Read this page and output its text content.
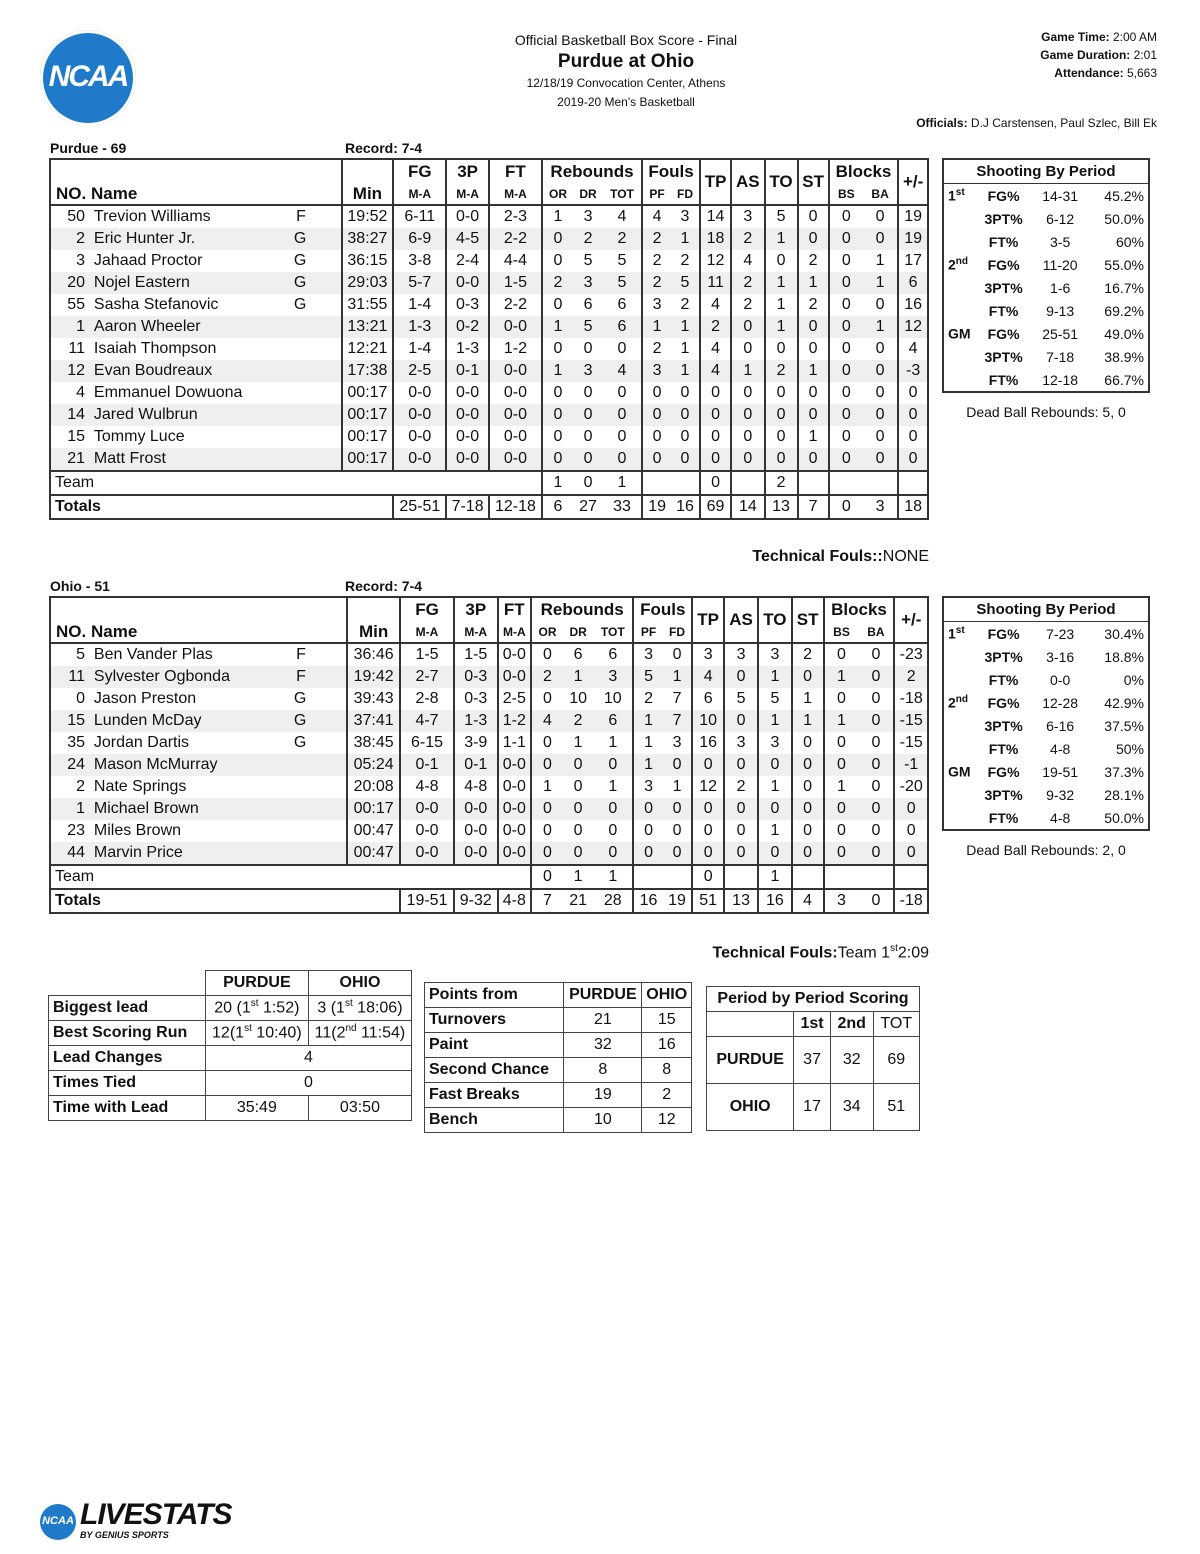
NCAA
Official Basketball Box Score - Final
Purdue at Ohio
12/18/19 Convocation Center, Athens
2019-20 Men's Basketball
Game Time: 2:00 AM
Game Duration: 2:01
Attendance: 5,663
Officials: D.J Carstensen, Paul Szlec, Bill Ek
Purdue - 69	Record: 7-4
	Min	FG	3P	FT	Rebounds			Fouls		TP	AS	TO	ST	Blocks		+/-
NO. Name		M-A	M-A	M-A	OR	DR	TOT	PF	FD					BS	BA	
50 Trevion Williams F	19:52	6-11	0-0	2-3	1	3	4	4	3	14	3	5	0	0	0	19
2 Eric Hunter Jr. G	38:27	6-9	4-5	2-2	0	2	2	2	1	18	2	1	0	0	0	19
3 Jahaad Proctor G	36:15	3-8	2-4	4-4	0	5	5	2	2	12	4	0	2	0	1	17
20 Nojel Eastern G	29:03	5-7	0-0	1-5	2	3	5	2	5	11	2	1	1	0	1	6
55 Sasha Stefanovic G	31:55	1-4	0-3	2-2	0	6	6	3	2	4	2	1	2	0	0	16
1 Aaron Wheeler	13:21	1-3	0-2	0-0	1	5	6	1	1	2	0	1	0	0	1	12
11 Isaiah Thompson	12:21	1-4	1-3	1-2	0	0	0	2	1	4	0	0	0	0	0	4
12 Evan Boudreaux	17:38	2-5	0-1	0-0	1	3	4	3	1	4	1	2	1	0	0	-3
4 Emmanuel Dowuona	00:17	0-0	0-0	0-0	0	0	0	0	0	0	0	0	0	0	0	0
14 Jared Wulbrun	00:17	0-0	0-0	0-0	0	0	0	0	0	0	0	0	0	0	0	0
15 Tommy Luce	00:17	0-0	0-0	0-0	0	0	0	0	0	0	0	0	1	0	0	0
21 Matt Frost	00:17	0-0	0-0	0-0	0	0	0	0	0	0	0	0	0	0	0	0
Team					1	0	1			0		2				
Totals		25-51	7-18	12-18	6	27	33	19	16	69	14	13	7	0	3	18
Technical Fouls::NONE
Shooting By Period			
1st	FG%	14-31	45.2%
	3PT%	6-12	50.0%
	FT%	3-5	60%
2nd	FG%	11-20	55.0%
	3PT%	1-6	16.7%
	FT%	9-13	69.2%
GM	FG%	25-51	49.0%
	3PT%	7-18	38.9%
	FT%	12-18	66.7%
Dead Ball Rebounds: 5, 0
Ohio - 51	Record: 7-4
	Min	FG	3P	FT	Rebounds			Fouls		TP	AS	TO	ST	Blocks		+/-
NO. Name		M-A	M-A	M-A	OR	DR	TOT	PF	FD					BS	BA	
5 Ben Vander Plas F	36:46	1-5	1-5	0-0	0	6	6	3	0	3	3	3	2	0	0	-23
11 Sylvester Ogbonda F	19:42	2-7	0-3	0-0	2	1	3	5	1	4	0	1	0	1	0	2
0 Jason Preston G	39:43	2-8	0-3	2-5	0	10	10	2	7	6	5	5	1	0	0	-18
15 Lunden McDay G	37:41	4-7	1-3	1-2	4	2	6	1	7	10	0	1	1	1	0	-15
35 Jordan Dartis G	38:45	6-15	3-9	1-1	0	1	1	1	3	16	3	3	0	0	0	-15
24 Mason McMurray	05:24	0-1	0-1	0-0	0	0	0	1	0	0	0	0	0	0	0	-1
2 Nate Springs	20:08	4-8	4-8	0-0	1	0	1	3	1	12	2	1	0	1	0	-20
1 Michael Brown	00:17	0-0	0-0	0-0	0	0	0	0	0	0	0	0	0	0	0	0
23 Miles Brown	00:47	0-0	0-0	0-0	0	0	0	0	0	0	0	1	0	0	0	0
44 Marvin Price	00:47	0-0	0-0	0-0	0	0	0	0	0	0	0	0	0	0	0	0
Team					0	1	1			0		1				
Totals		19-51	9-32	4-8	7	21	28	16	19	51	13	16	4	3	0	-18
Technical Fouls:Team 1st2:09
Shooting By Period			
1st	FG%	7-23	30.4%
	3PT%	3-16	18.8%
	FT%	0-0	0%
2nd	FG%	12-28	42.9%
	3PT%	6-16	37.5%
	FT%	4-8	50%
GM	FG%	19-51	37.3%
	3PT%	9-32	28.1%
	FT%	4-8	50.0%
Dead Ball Rebounds: 2, 0
	PURDUE	OHIO
Biggest lead	20 (1st 1:52)	3 (1st 18:06)
Best Scoring Run	12(1st 10:40)	11(2nd 11:54)
Lead Changes	4	
Times Tied	0	
Time with Lead	35:49	03:50
Points from	PURDUE	OHIO
Turnovers	21	15
Paint	32	16
Second Chance	8	8
Fast Breaks	19	2
Bench	10	12
Period by Period Scoring			
	1st	2nd	TOT
PURDUE	37	32	69
OHIO	17	34	51
NCAA LIVESTATS
BY GENIUS SPORTS
